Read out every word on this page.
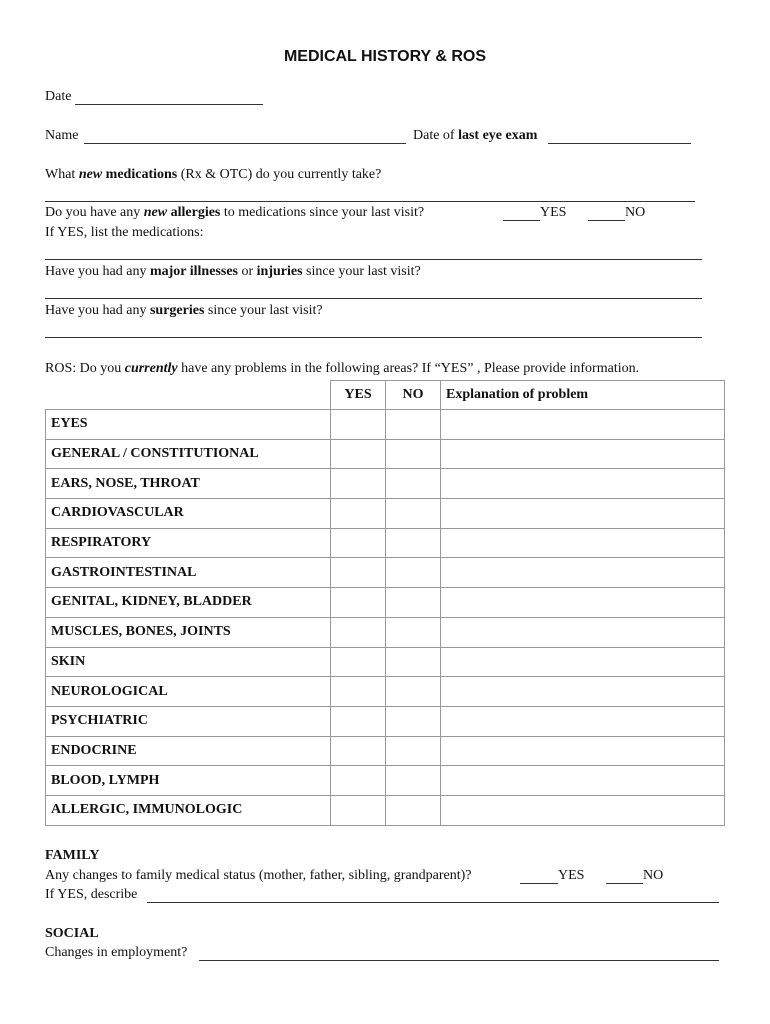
MEDICAL HISTORY & ROS
Date
Name	Date of last eye exam
What new medications (Rx & OTC) do you currently take?
Do you have any new allergies to medications since your last visit?	YES	NO
If YES, list the medications:
Have you had any major illnesses or injuries since your last visit?
Have you had any surgeries since your last visit?
ROS: Do you currently have any problems in the following areas? If “YES” , Please provide information.
	YES	NO	Explanation of problem
EYES			
GENERAL / CONSTITUTIONAL			
EARS, NOSE, THROAT			
CARDIOVASCULAR			
RESPIRATORY			
GASTROINTESTINAL			
GENITAL, KIDNEY, BLADDER			
MUSCLES, BONES, JOINTS			
SKIN			
NEUROLOGICAL			
PSYCHIATRIC			
ENDOCRINE			
BLOOD, LYMPH			
ALLERGIC, IMMUNOLOGIC			
FAMILY
Any changes to family medical status (mother, father, sibling, grandparent)?	YES	NO
If YES, describe
SOCIAL
Changes in employment?
